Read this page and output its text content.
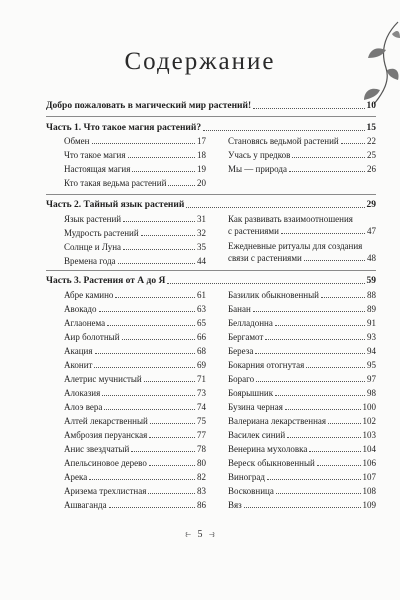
Содержание
Добро пожаловать в магический мир растений!	10
Часть 1. Что такое магия растений?	15
Обмен	17
Что такое магия	18
Настоящая магия	19
Кто такая ведьма растений	20
Становясь ведьмой растений	22
Учась у предков	25
Мы — природа	26
Часть 2. Тайный язык растений	29
Язык растений	31
Мудрость растений	32
Солнце и Луна	35
Времена года	44
Как развивать взаимоотношения
с растениями	47
Ежедневные ритуалы для создания
связи с растениями	48
Часть 3. Растения от А до Я	59
Абре камино	61
Авокадо	63
Аглаонема	65
Аир болотный	66
Акация	68
Аконит	69
Алетрис мучнистый	71
Алоказия	73
Алоэ вера	74
Алтей лекарственный	75
Амброзия перуанская	77
Анис звездчатый	78
Апельсиновое дерево	80
Арека	82
Аризема трехлистная	83
Ашваганда	86
Базилик обыкновенный	88
Банан	89
Белладонна	91
Бергамот	93
Береза	94
Бокарния отогнутая	95
Бораго	97
Боярышник	98
Бузина черная	100
Валериана лекарственная	102
Василек синий	103
Венерина мухоловка	104
Вереск обыкновенный	106
Виноград	107
Восковница	108
Вяз	109
⥼ 5 ⥽
